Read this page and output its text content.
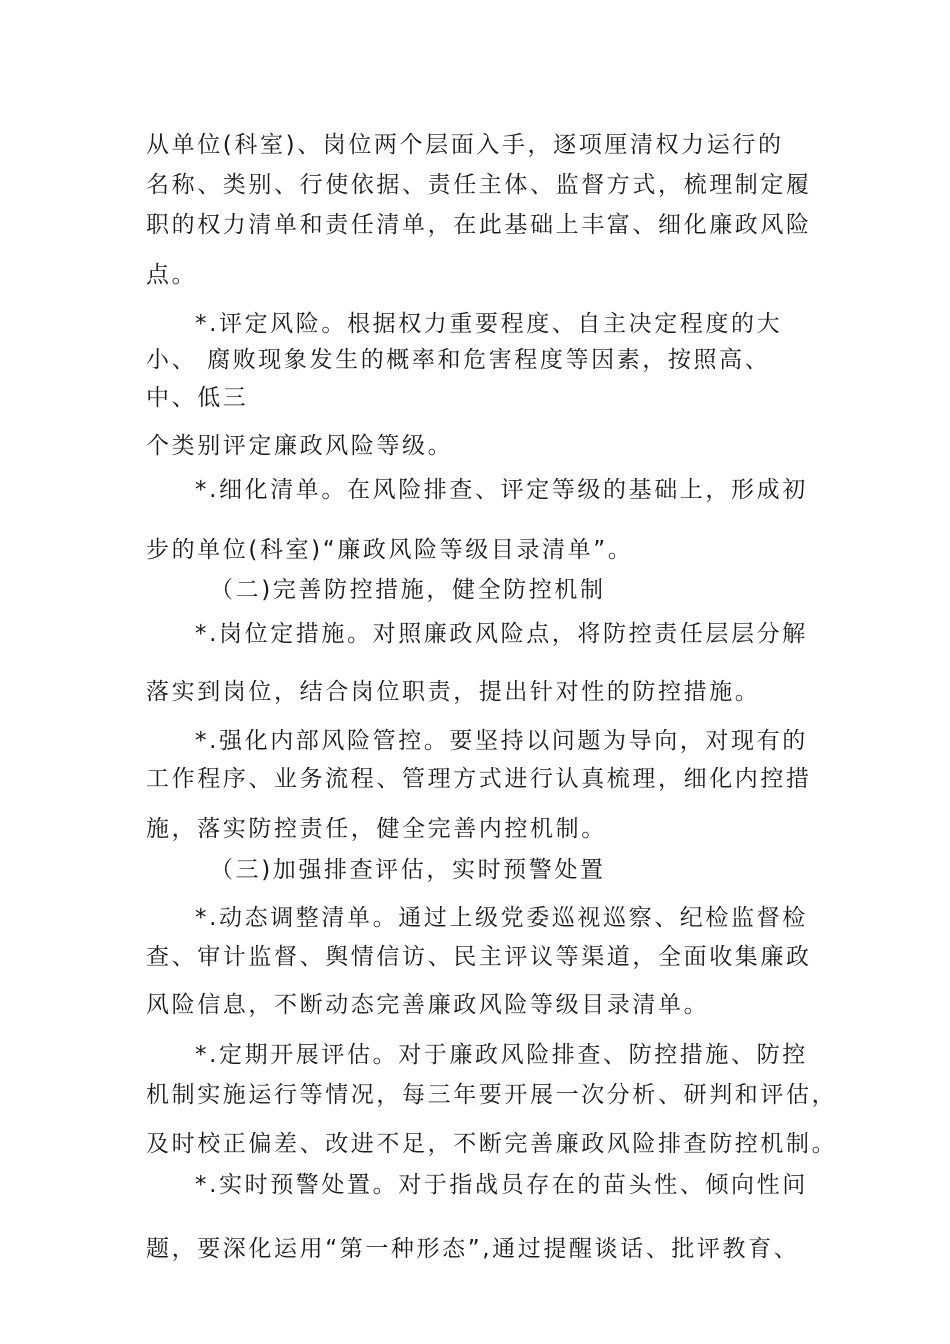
从单位(科室)、岗位两个层面入手，逐项厘清权力运行的
名称、类别、行使依据、责任主体、监督方式，梳理制定履
职的权力清单和责任清单，在此基础上丰富、细化廉政风险
点。
*.评定风险。根据权力重要程度、自主决定程度的大
小、 腐败现象发生的概率和危害程度等因素，按照高、
中、低三
个类别评定廉政风险等级。
*.细化清单。在风险排查、评定等级的基础上，形成初
步的单位(科室)“廉政风险等级目录清单”。
（二)完善防控措施，健全防控机制
*.岗位定措施。对照廉政风险点，将防控责任层层分解
落实到岗位，结合岗位职责，提出针对性的防控措施。
*.强化内部风险管控。要坚持以问题为导向，对现有的
工作程序、业务流程、管理方式进行认真梳理，细化内控措
施，落实防控责任，健全完善内控机制。
（三)加强排查评估，实时预警处置
*.动态调整清单。通过上级党委巡视巡察、纪检监督检
查、审计监督、舆情信访、民主评议等渠道，全面收集廉政
风险信息，不断动态完善廉政风险等级目录清单。
*.定期开展评估。对于廉政风险排查、防控措施、防控
机制实施运行等情况，每三年要开展一次分析、研判和评估，
及时校正偏差、改进不足，不断完善廉政风险排查防控机制。
*.实时预警处置。对于指战员存在的苗头性、倾向性问
题，要深化运用“第一种形态”,通过提醒谈话、批评教育、
